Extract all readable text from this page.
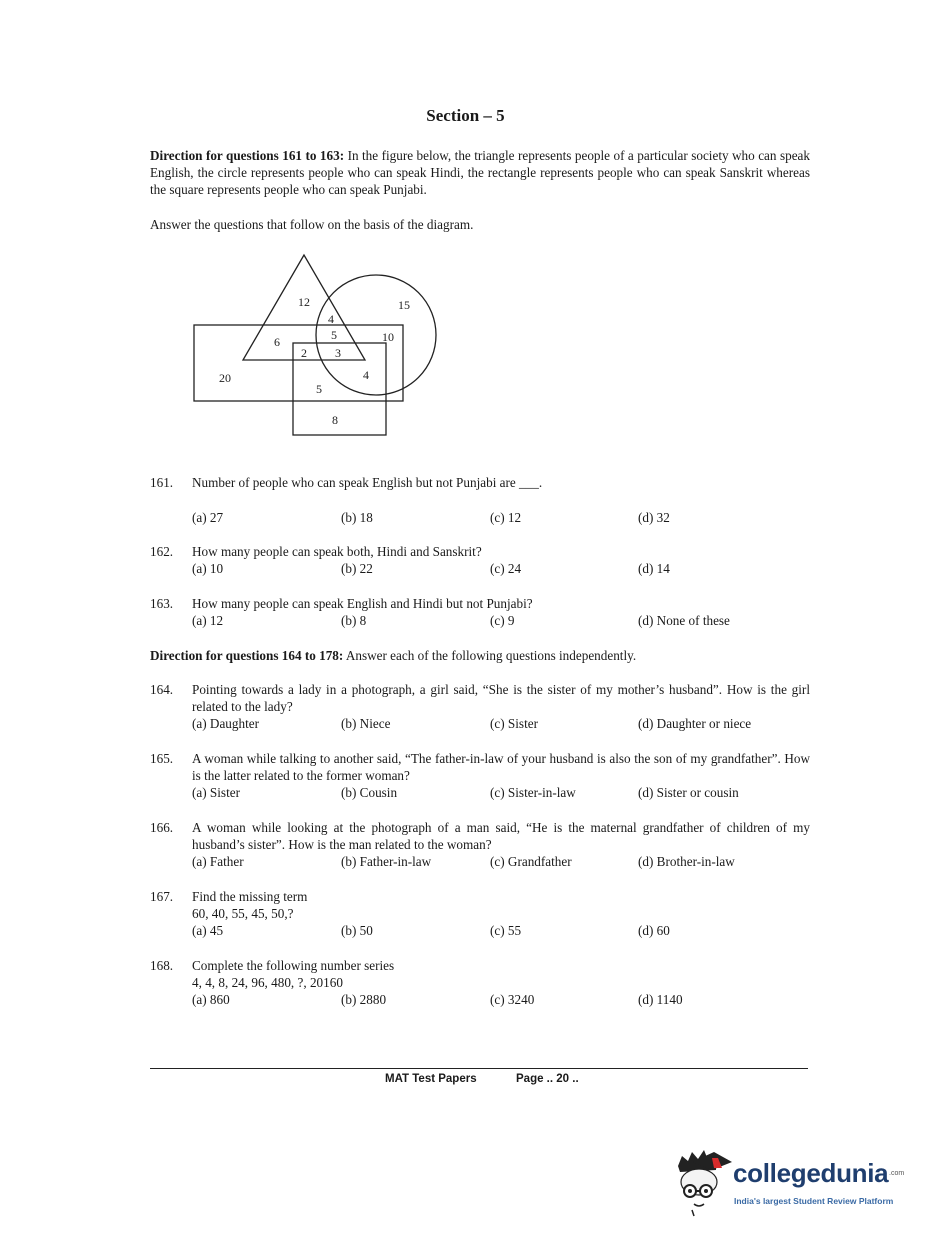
Section – 5
Direction for questions 161 to 163: In the figure below, the triangle represents people of a particular society who can speak English, the circle represents people who can speak Hindi, the rectangle represents people who can speak Sanskrit whereas the square represents people who can speak Punjabi.
Answer the questions that follow on the basis of the diagram.
12	15
4
5	10
6
2 3
20	4
5
8
161.	Number of people who can speak English but not Punjabi are ___.
(a) 27	(b) 18	(c) 12	(d) 32
162.	How many people can speak both, Hindi and Sanskrit?
(a) 10	(b) 22	(c) 24	(d) 14
163.	How many people can speak English and Hindi but not Punjabi?
(a) 12	(b) 8	(c) 9	(d) None of these
Direction for questions 164 to 178: Answer each of the following questions independently.
164.	Pointing towards a lady in a photograph, a girl said, “She is the sister of my mother’s husband”. How is the girl related to the lady?
(a) Daughter	(b) Niece	(c) Sister	(d) Daughter or niece
165.	A woman while talking to another said, “The father-in-law of your husband is also the son of my grandfather”. How is the latter related to the former woman?
(a) Sister	(b) Cousin	(c) Sister-in-law	(d) Sister or cousin
166.	A woman while looking at the photograph of a man said, “He is the maternal grandfather of children of my husband’s sister”. How is the man related to the woman?
(a) Father	(b) Father-in-law	(c) Grandfather	(d) Brother-in-law
167.	Find the missing term
60, 40, 55, 45, 50,?
(a) 45	(b) 50	(c) 55	(d) 60
168.	Complete the following number series
4, 4, 8, 24, 96, 480, ?, 20160
(a) 860	(b) 2880	(c) 3240	(d) 1140
MAT Test Papers	Page .. 20 ..
collegedunia .com
India's largest Student Review Platform
